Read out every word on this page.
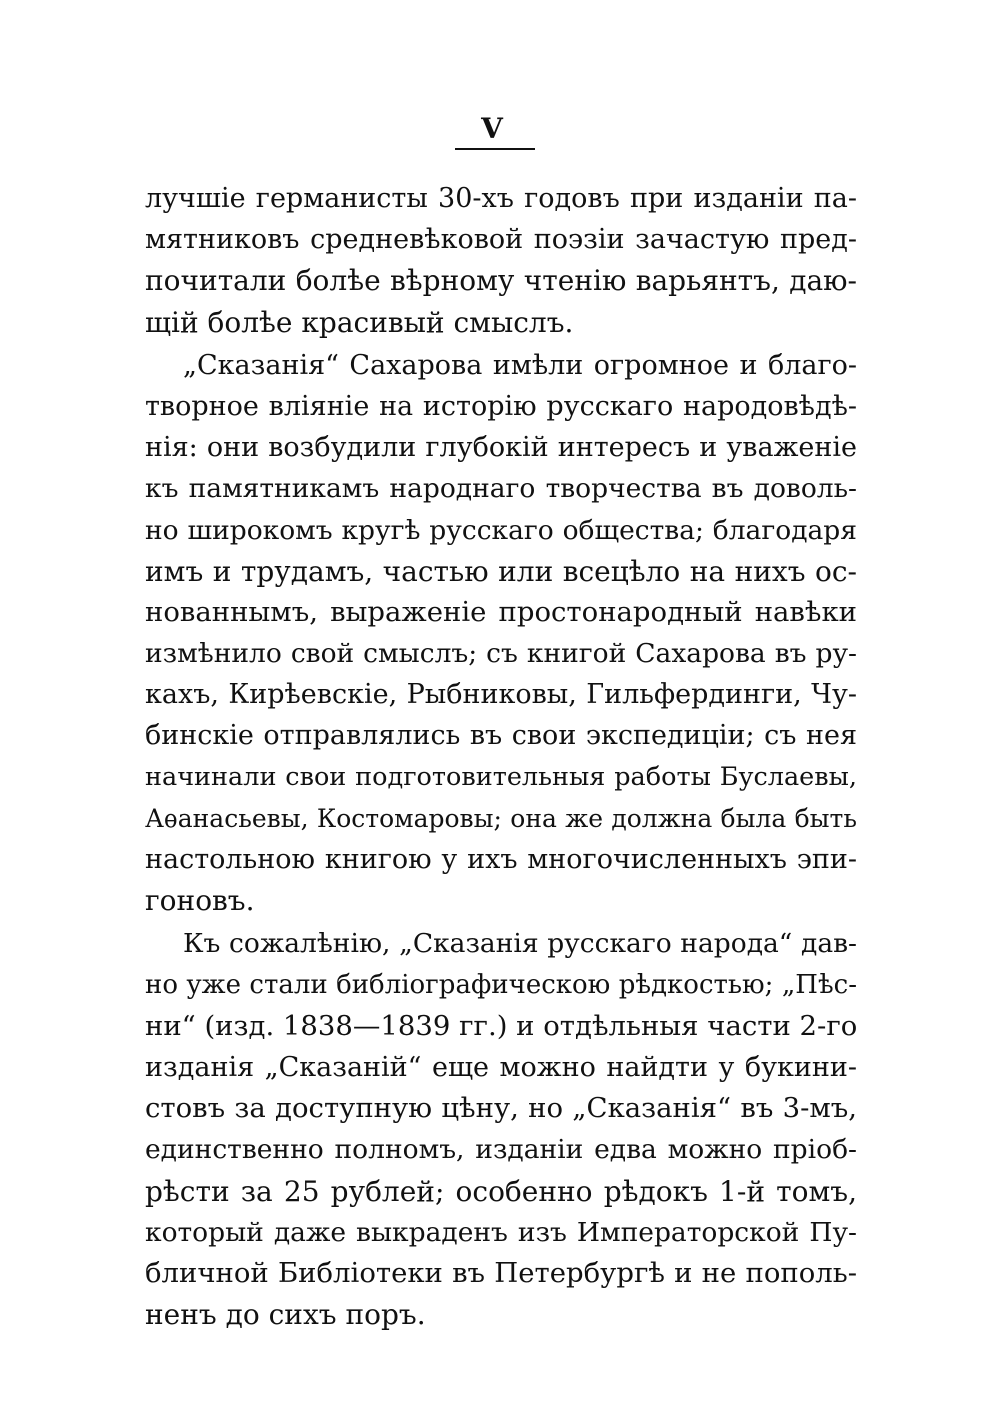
V
лучшіе германисты 30-хъ годовъ при изданіи па-
мятниковъ средневѣковой поэзіи зачастую пред-
почитали болѣе вѣрному чтенію варьянтъ, даю-
щій болѣе красивый смыслъ.
„Сказанія“ Сахарова имѣли огромное и благо-
творное вліяніе на исторію русскаго народовѣдѣ-
нія: они возбудили глубокій интересъ и уваженіе
къ памятникамъ народнаго творчества въ доволь-
но широкомъ кругѣ русскаго общества; благодаря
имъ и трудамъ, частью или всецѣло на нихъ ос-
нованнымъ, выраженіе простонародный навѣки
измѣнило свой смыслъ; съ книгой Сахарова въ ру-
кахъ, Кирѣевскіе, Рыбниковы, Гильфердинги, Чу-
бинскіе отправлялись въ свои экспедиціи; съ нея
начинали свои подготовительныя работы Буслаевы,
Аѳанасьевы, Костомаровы; она же должна была быть
настольною книгою у ихъ многочисленныхъ эпи-
гоновъ.
Къ сожалѣнію, „Сказанія русскаго народа“ дав-
но уже стали библіографическою рѣдкостью; „Пѣс-
ни“ (изд. 1838—1839 гг.) и отдѣльныя части 2-го
изданія „Сказаній“ еще можно найдти у букини-
стовъ за доступную цѣну, но „Сказанія“ въ 3-мъ,
единственно полномъ, изданіи едва можно пріоб-
рѣсти за 25 рублей; особенно рѣдокъ 1-й томъ,
который даже выкраденъ изъ Императорской Пу-
бличной Библіотеки въ Петербургѣ и не пополь-
ненъ до сихъ поръ.
